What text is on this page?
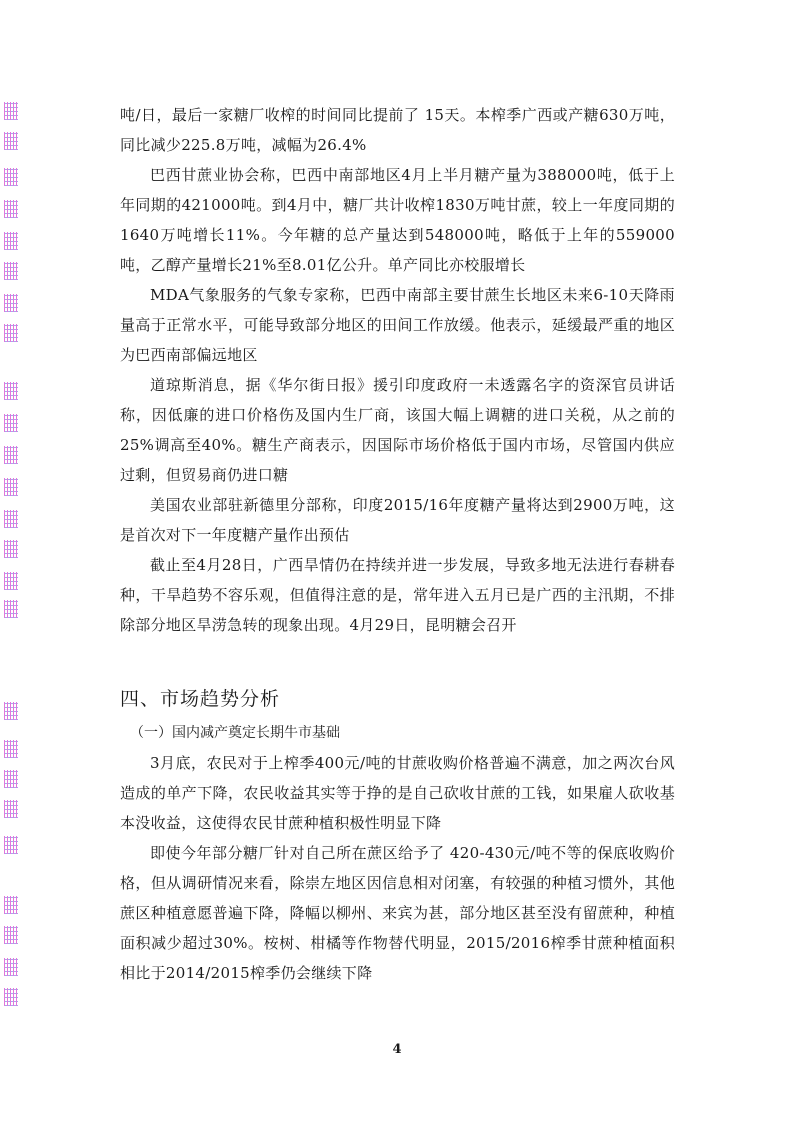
吨/日，最后一家糖厂收榨的时间同比提前了 15天。本榨季广西或产糖630万吨，同比减少225.8万吨，减幅为26.4%

巴西甘蔗业协会称，巴西中南部地区4月上半月糖产量为388000吨，低于上年同期的421000吨。到4月中，糖厂共计收榨1830万吨甘蔗，较上一年度同期的1640万吨增长11%。今年糖的总产量达到548000吨，略低于上年的559000吨，乙醇产量增长21%至8.01亿公升。单产同比亦校服增长

MDA气象服务的气象专家称，巴西中南部主要甘蔗生长地区未来6-10天降雨量高于正常水平，可能导致部分地区的田间工作放缓。他表示，延缓最严重的地区为巴西南部偏远地区

道琼斯消息，据《华尔街日报》援引印度政府一未透露名字的资深官员讲话称，因低廉的进口价格伤及国内生厂商，该国大幅上调糖的进口关税，从之前的25%调高至40%。糖生产商表示，因国际市场价格低于国内市场，尽管国内供应过剩，但贸易商仍进口糖

美国农业部驻新德里分部称，印度2015/16年度糖产量将达到2900万吨，这是首次对下一年度糖产量作出预估

截止至4月28日，广西旱情仍在持续并进一步发展，导致多地无法进行春耕春种，干旱趋势不容乐观，但值得注意的是，常年进入五月已是广西的主汛期，不排除部分地区旱涝急转的现象出现。4月29日，昆明糖会召开

四、市场趋势分析
（一）国内减产奠定长期牛市基础

3月底，农民对于上榨季400元/吨的甘蔗收购价格普遍不满意，加之两次台风造成的单产下降，农民收益其实等于挣的是自己砍收甘蔗的工钱，如果雇人砍收基本没收益，这使得农民甘蔗种植积极性明显下降

即使今年部分糖厂针对自己所在蔗区给予了 420-430元/吨不等的保底收购价格，但从调研情况来看，除崇左地区因信息相对闭塞，有较强的种植习惯外，其他蔗区种植意愿普遍下降，降幅以柳州、来宾为甚，部分地区甚至没有留蔗种，种植面积减少超过30%。桉树、柑橘等作物替代明显，2015/2016榨季甘蔗种植面积相比于2014/2015榨季仍会继续下降

4
